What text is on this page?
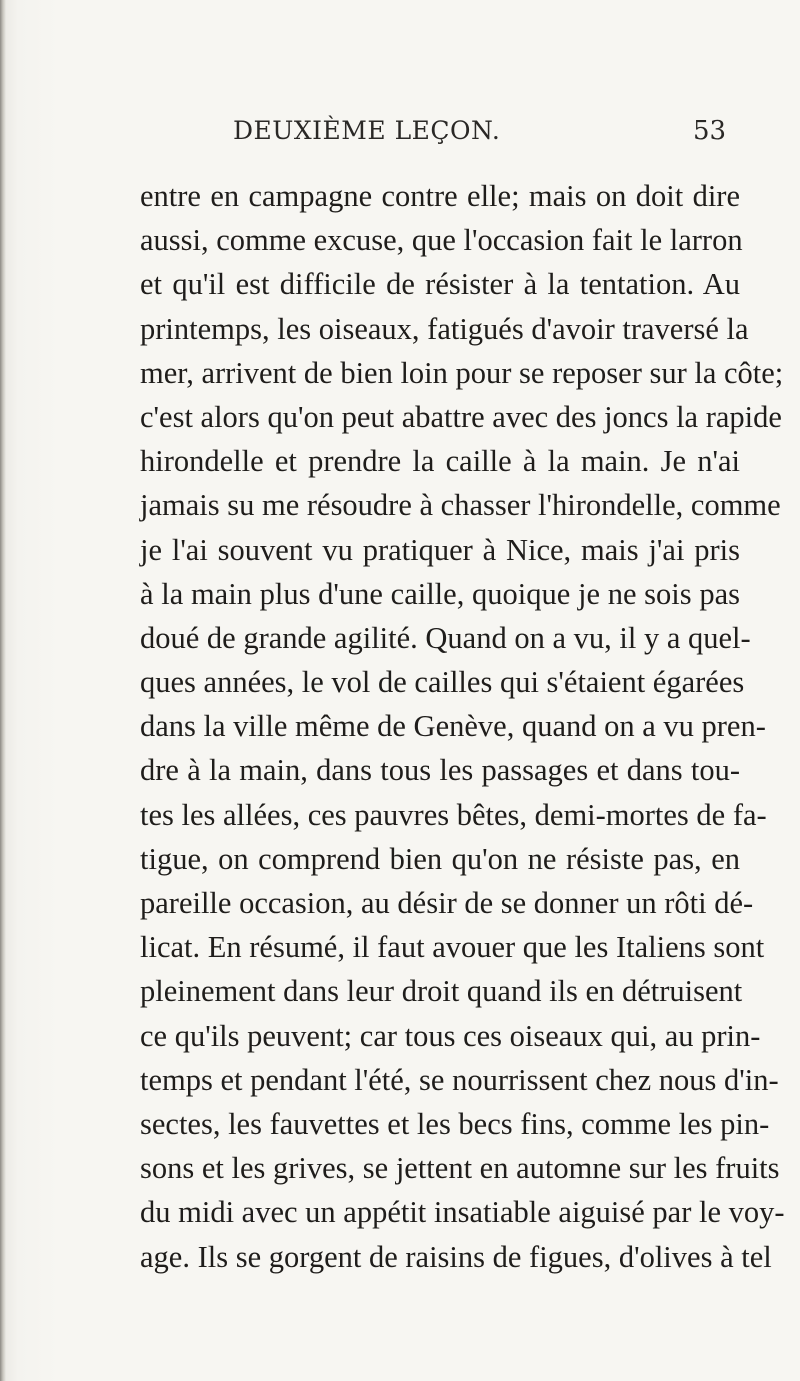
DEUXIÈME LEÇON.	53
entre en campagne contre elle; mais on doit dire
aussi, comme excuse, que l'occasion fait le larron
et qu'il est difficile de résister à la tentation. Au
printemps, les oiseaux, fatigués d'avoir traversé la
mer, arrivent de bien loin pour se reposer sur la côte;
c'est alors qu'on peut abattre avec des joncs la rapide
hirondelle et prendre la caille à la main. Je n'ai
jamais su me résoudre à chasser l'hirondelle, comme
je l'ai souvent vu pratiquer à Nice, mais j'ai pris
à la main plus d'une caille, quoique je ne sois pas
doué de grande agilité. Quand on a vu, il y a quel-
ques années, le vol de cailles qui s'étaient égarées
dans la ville même de Genève, quand on a vu pren-
dre à la main, dans tous les passages et dans tou-
tes les allées, ces pauvres bêtes, demi-mortes de fa-
tigue, on comprend bien qu'on ne résiste pas, en
pareille occasion, au désir de se donner un rôti dé-
licat. En résumé, il faut avouer que les Italiens sont
pleinement dans leur droit quand ils en détruisent
ce qu'ils peuvent; car tous ces oiseaux qui, au prin-
temps et pendant l'été, se nourrissent chez nous d'in-
sectes, les fauvettes et les becs fins, comme les pin-
sons et les grives, se jettent en automne sur les fruits
du midi avec un appétit insatiable aiguisé par le voy-
age. Ils se gorgent de raisins de figues, d'olives à tel
